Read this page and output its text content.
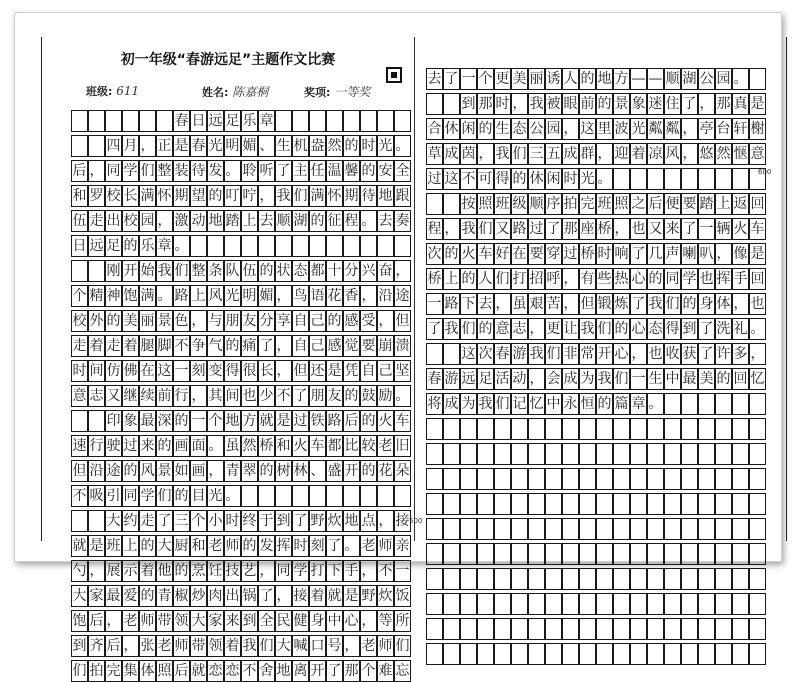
初一年级“春游远足”主题作文比赛
班级: 611	姓名: 陈嘉桐	奖项: 一等奖
春 日 远 足 乐 章
四 月 ， 正 是 春 光 明 媚 、 生 机 盎 然 的 时 光 。
后 ， 同 学 们 整 装 待 发 。 聆 听 了 主 任 温 馨 的 安 全
和 罗 校 长 满 怀 期 望 的 叮 咛 ， 我 们 满 怀 期 待 地 跟
伍 走 出 校 园 ， 激 动 地 踏 上 去 顺 湖 的 征 程 。 去 奏
日 远 足 的 乐 章 。
刚 开 始 我 们 整 条 队 伍 的 状 态 都 十 分 兴 奋 ，
个 精 神 饱 满 。 路 上 风 光 明 媚 ， 鸟 语 花 香 ， 沿 途
校 外 的 美 丽 景 色 ， 与 朋 友 分 享 自 己 的 感 受 ， 但
走 着 走 着 腿 脚 不 争 气 的 痛 了 ， 自 己 感 觉 要 崩 溃
时 间 仿 佛 在 这 一 刻 变 得 很 长 ， 但 还 是 凭 自 己 坚
意 志 又 继 续 前 行 ， 其 间 也 少 不 了 朋 友 的 鼓 励 。
印 象 最 深 的 一 个 地 方 就 是 过 铁 路 后 的 火 车
速 行 驶 过 来 的 画 面 。 虽 然 桥 和 火 车 都 比 较 老 旧
但 沿 途 的 风 景 如 画 ， 青 翠 的 树 林 、 盛 开 的 花 朵
不 吸 引 同 学 们 的 目 光 。
大 约 走 了 三 个 小 时 终 于 到 了 野 炊 地 点 ， 接
就 是 班 上 的 大 厨 和 老 师 的 发 挥 时 刻 了 。 老 师 亲
勺 ， 展 示 着 他 的 烹 饪 技 艺 ， 同 学 打 下 手 ， 不 一
大 家 最 爱 的 青 椒 炒 肉 出 锅 了 ， 接 着 就 是 野 炊 饭
饱 后 ， 老 师 带 领 大 家 来 到 全 民 健 身 中 心 ， 等 所
到 齐 后 ， 张 老 师 带 领 着 我 们 大 喊 口 号 ， 老 师 们
们 拍 完 集 体 照 后 就 恋 恋 不 舍 地 离 开 了 那 个 难 忘
去 了 一 个 更 美 丽 诱 人 的 地 方 — — 顺 湖 公 园 。
到 那 时 ， 我 被 眼 前 的 景 象 迷 住 了 ， 那 真 是
合 休 闲 的 生 态 公 园 ， 这 里 波 光 粼 粼 ， 亭 台 轩 榭
草 成 茵 ， 我 们 三 五 成 群 ， 迎 着 凉 风 ， 悠 然 惬 意
过 这 不 可 得 的 休 闲 时 光 。
按 照 班 级 顺 序 拍 完 班 照 之 后 便 要 踏 上 返 回
程 ， 我 们 又 路 过 了 那 座 桥 ， 也 又 来 了 一 辆 火 车
次 的 火 车 好 在 要 穿 过 桥 时 响 了 几 声 喇 叭 ， 像 是
桥 上 的 人 们 打 招 呼 ， 有 些 热 心 的 同 学 也 挥 手 回
一 路 下 去 ， 虽 艰 苦 ， 但 锻 炼 了 我 们 的 身 体 ， 也
了 我 们 的 意 志 ， 更 让 我 们 的 心 态 得 到 了 洗 礼 。
这 次 春 游 我 们 非 常 开 心 ， 也 收 获 了 许 多 ，
春 游 远 足 活 动 ， 会 成 为 我 们 一 生 中 最 美 的 回 忆
将 成 为 我 们 记 忆 中 永 恒 的 篇 章 。
500
600
